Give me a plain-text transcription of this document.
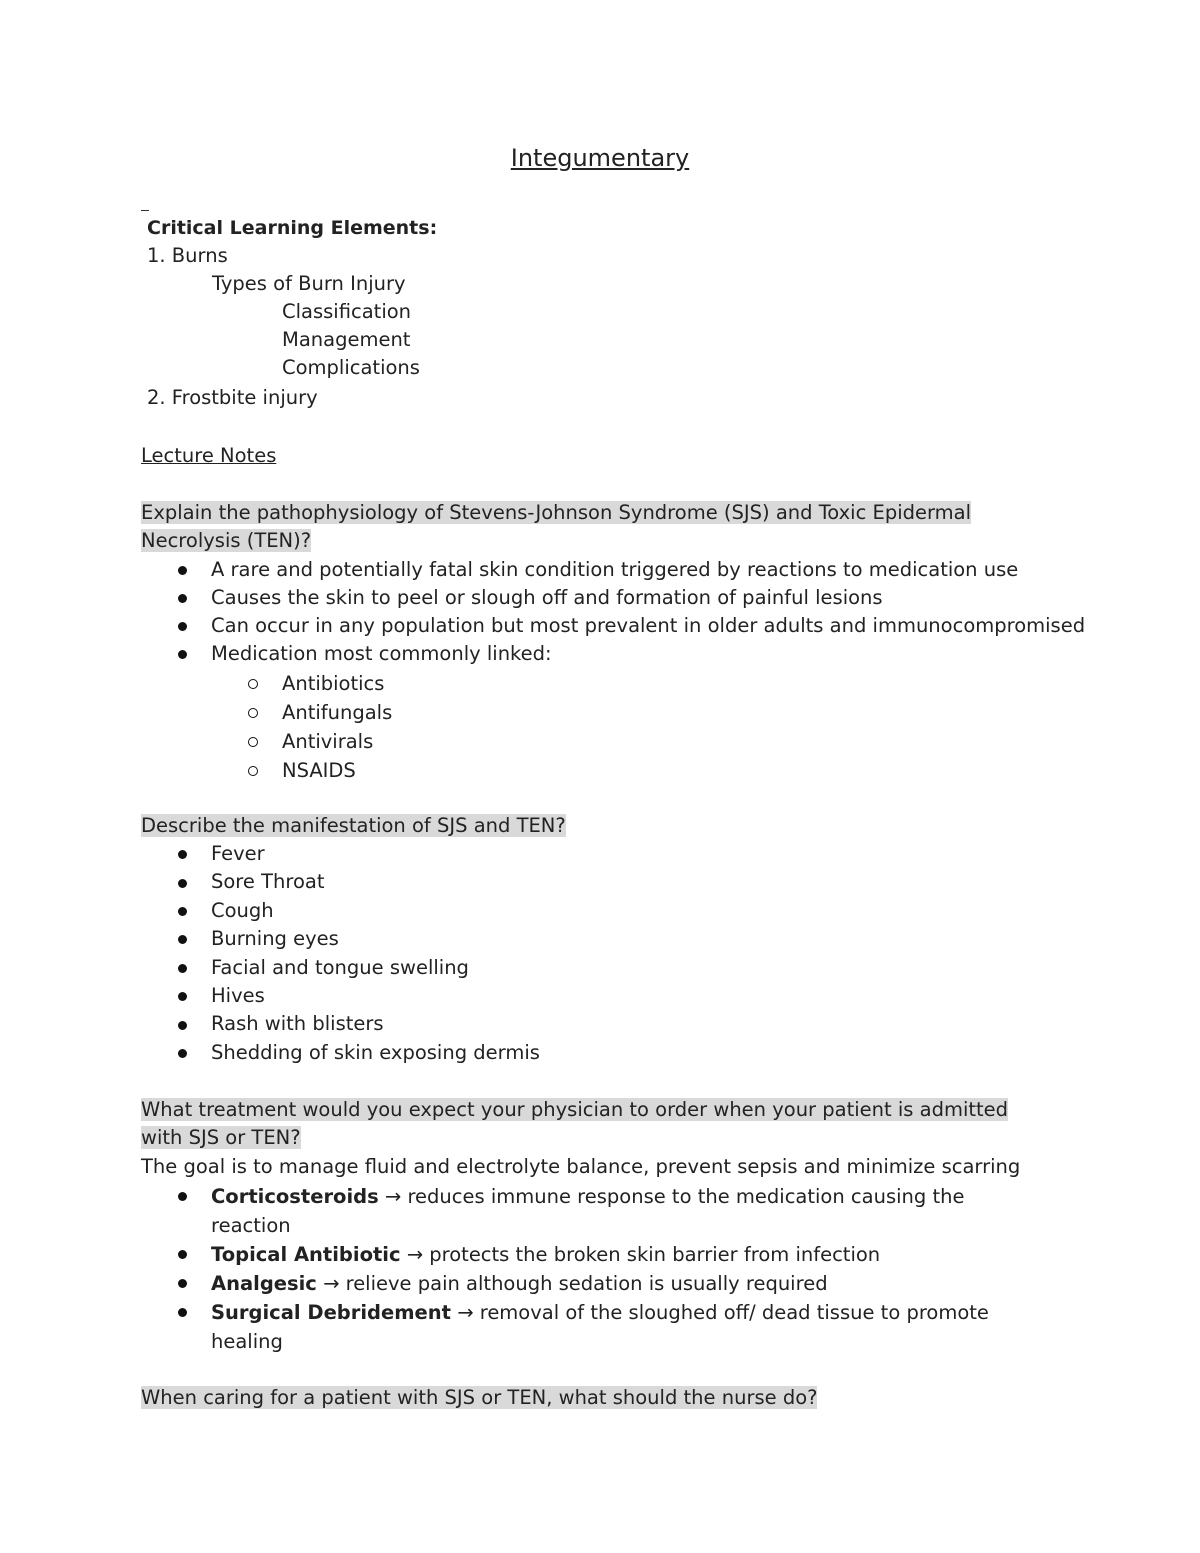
Integumentary
Critical Learning Elements:
1. Burns
Types of Burn Injury
Classification
Management
Complications
2. Frostbite injury
Lecture Notes
Explain the pathophysiology of Stevens-Johnson Syndrome (SJS) and Toxic Epidermal Necrolysis (TEN)?
A rare and potentially fatal skin condition triggered by reactions to medication use
Causes the skin to peel or slough off and formation of painful lesions
Can occur in any population but most prevalent in older adults and immunocompromised
Medication most commonly linked:
Antibiotics
Antifungals
Antivirals
NSAIDS
Describe the manifestation of SJS and TEN?
Fever
Sore Throat
Cough
Burning eyes
Facial and tongue swelling
Hives
Rash with blisters
Shedding of skin exposing dermis
What treatment would you expect your physician to order when your patient is admitted with SJS or TEN?
The goal is to manage fluid and electrolyte balance, prevent sepsis and minimize scarring
Corticosteroids → reduces immune response to the medication causing the reaction
Topical Antibiotic → protects the broken skin barrier from infection
Analgesic → relieve pain although sedation is usually required
Surgical Debridement → removal of the sloughed off/ dead tissue to promote healing
When caring for a patient with SJS or TEN, what should the nurse do?
